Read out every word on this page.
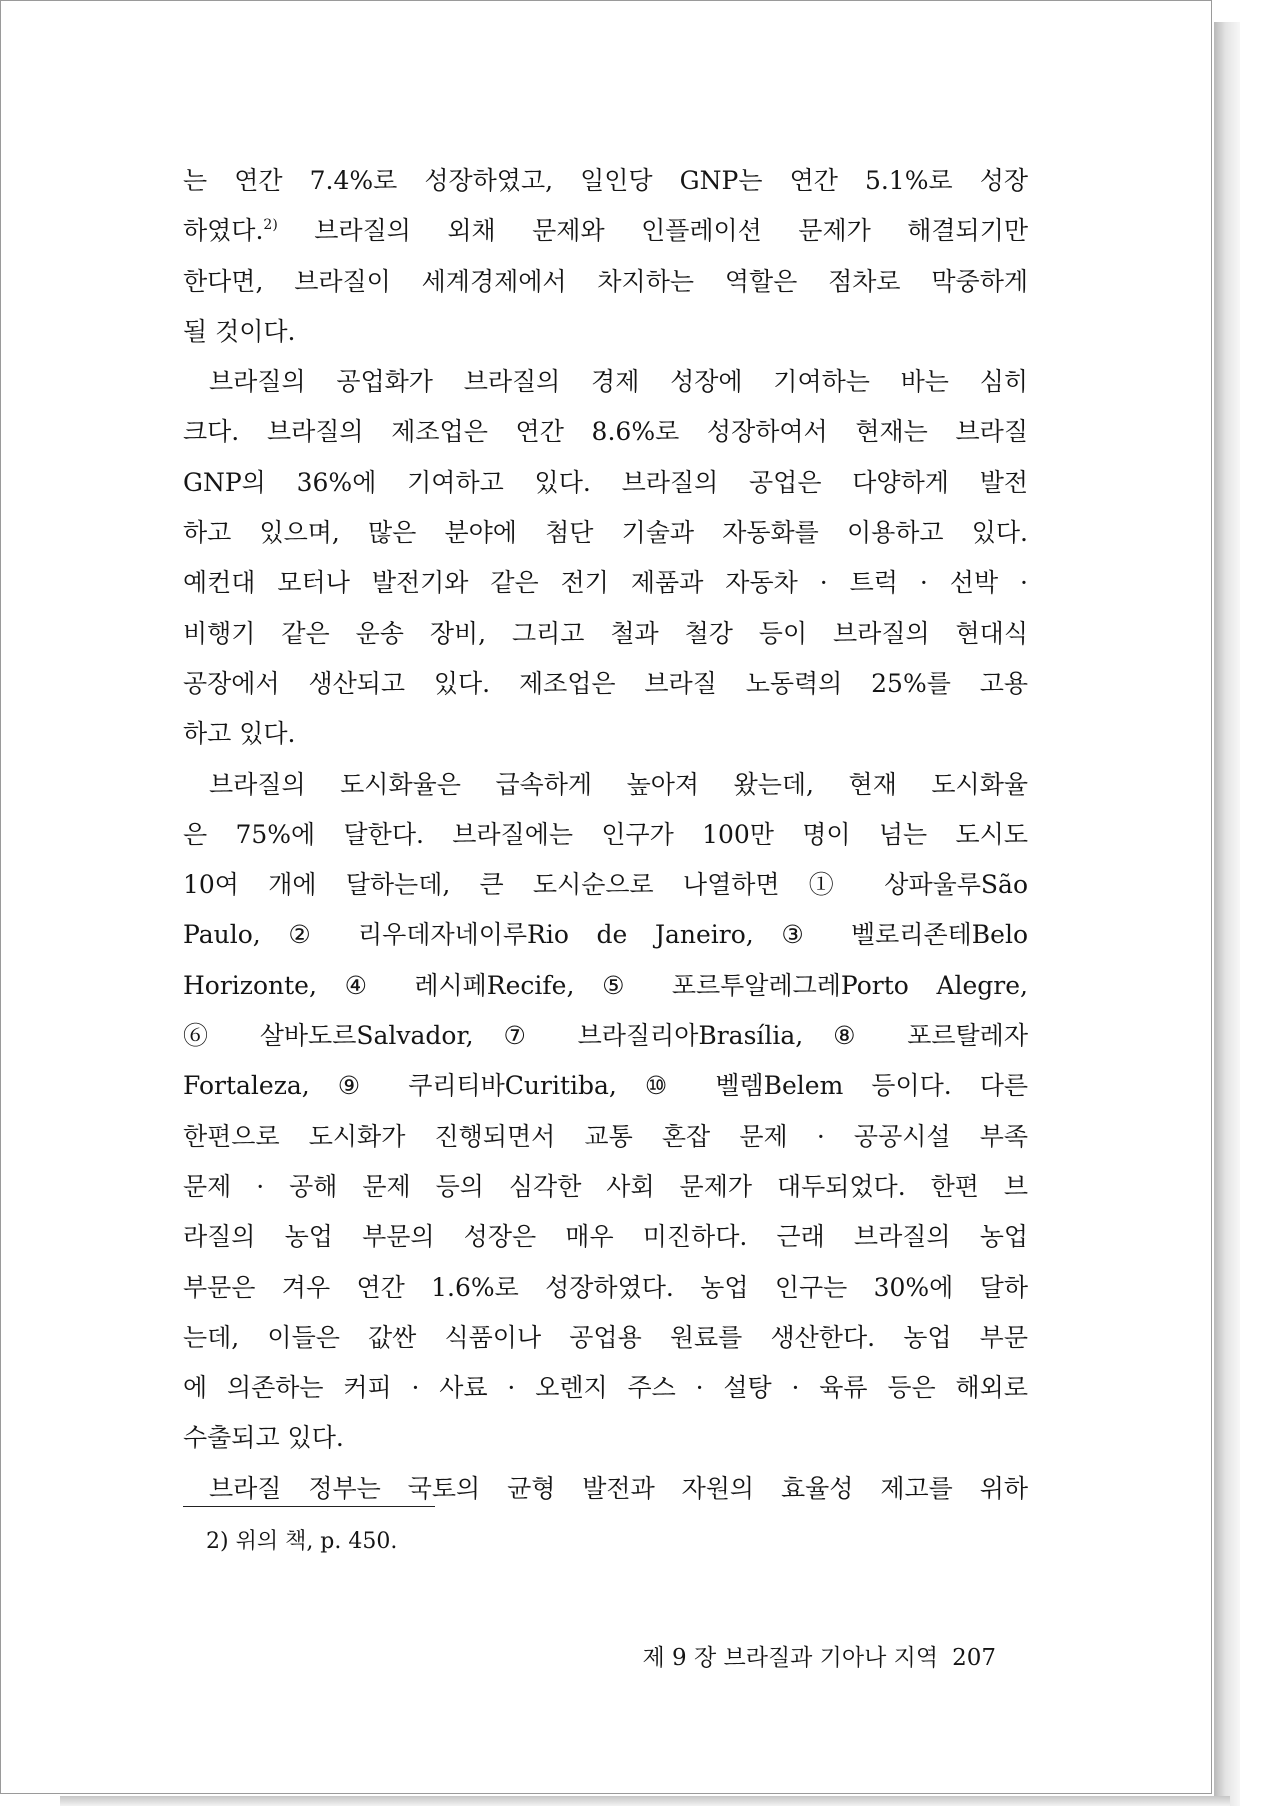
는 연간 7.4%로 성장하였고, 일인당 GNP는 연간 5.1%로 성장
하였다.$^{2)}$ 브라질의 외채 문제와 인플레이션 문제가 해결되기만
한다면, 브라질이 세계경제에서 차지하는 역할은 점차로 막중하게
될 것이다.
브라질의 공업화가 브라질의 경제 성장에 기여하는 바는 심히
크다. 브라질의 제조업은 연간 8.6%로 성장하여서 현재는 브라질
GNP의 36%에 기여하고 있다. 브라질의 공업은 다양하게 발전
하고 있으며, 많은 분야에 첨단 기술과 자동화를 이용하고 있다.
예컨대 모터나 발전기와 같은 전기 제품과 자동차 · 트럭 · 선박 ·
비행기 같은 운송 장비, 그리고 철과 철강 등이 브라질의 현대식
공장에서 생산되고 있다. 제조업은 브라질 노동력의 25%를 고용
하고 있다.
브라질의 도시화율은 급속하게 높아져 왔는데, 현재 도시화율
은 75%에 달한다. 브라질에는 인구가 100만 명이 넘는 도시도
10여 개에 달하는데, 큰 도시순으로 나열하면 ① 상파울루São
Paulo, ② 리우데자네이루Rio de Janeiro, ③ 벨로리존테Belo
Horizonte, ④ 레시페Recife, ⑤ 포르투알레그레Porto Alegre,
⑥ 살바도르Salvador, ⑦ 브라질리아Brasília, ⑧ 포르탈레자
Fortaleza, ⑨ 쿠리티바Curitiba, ⑩ 벨렘Belem 등이다. 다른
한편으로 도시화가 진행되면서 교통 혼잡 문제 · 공공시설 부족
문제 · 공해 문제 등의 심각한 사회 문제가 대두되었다. 한편 브
라질의 농업 부문의 성장은 매우 미진하다. 근래 브라질의 농업
부문은 겨우 연간 1.6%로 성장하였다. 농업 인구는 30%에 달하
는데, 이들은 값싼 식품이나 공업용 원료를 생산한다. 농업 부문
에 의존하는 커피 · 사료 · 오렌지 주스 · 설탕 · 육류 등은 해외로
수출되고 있다.
브라질 정부는 국토의 균형 발전과 자원의 효율성 제고를 위하
2) 위의 책, p. 450.
제 9 장 브라질과 기아나 지역 207
